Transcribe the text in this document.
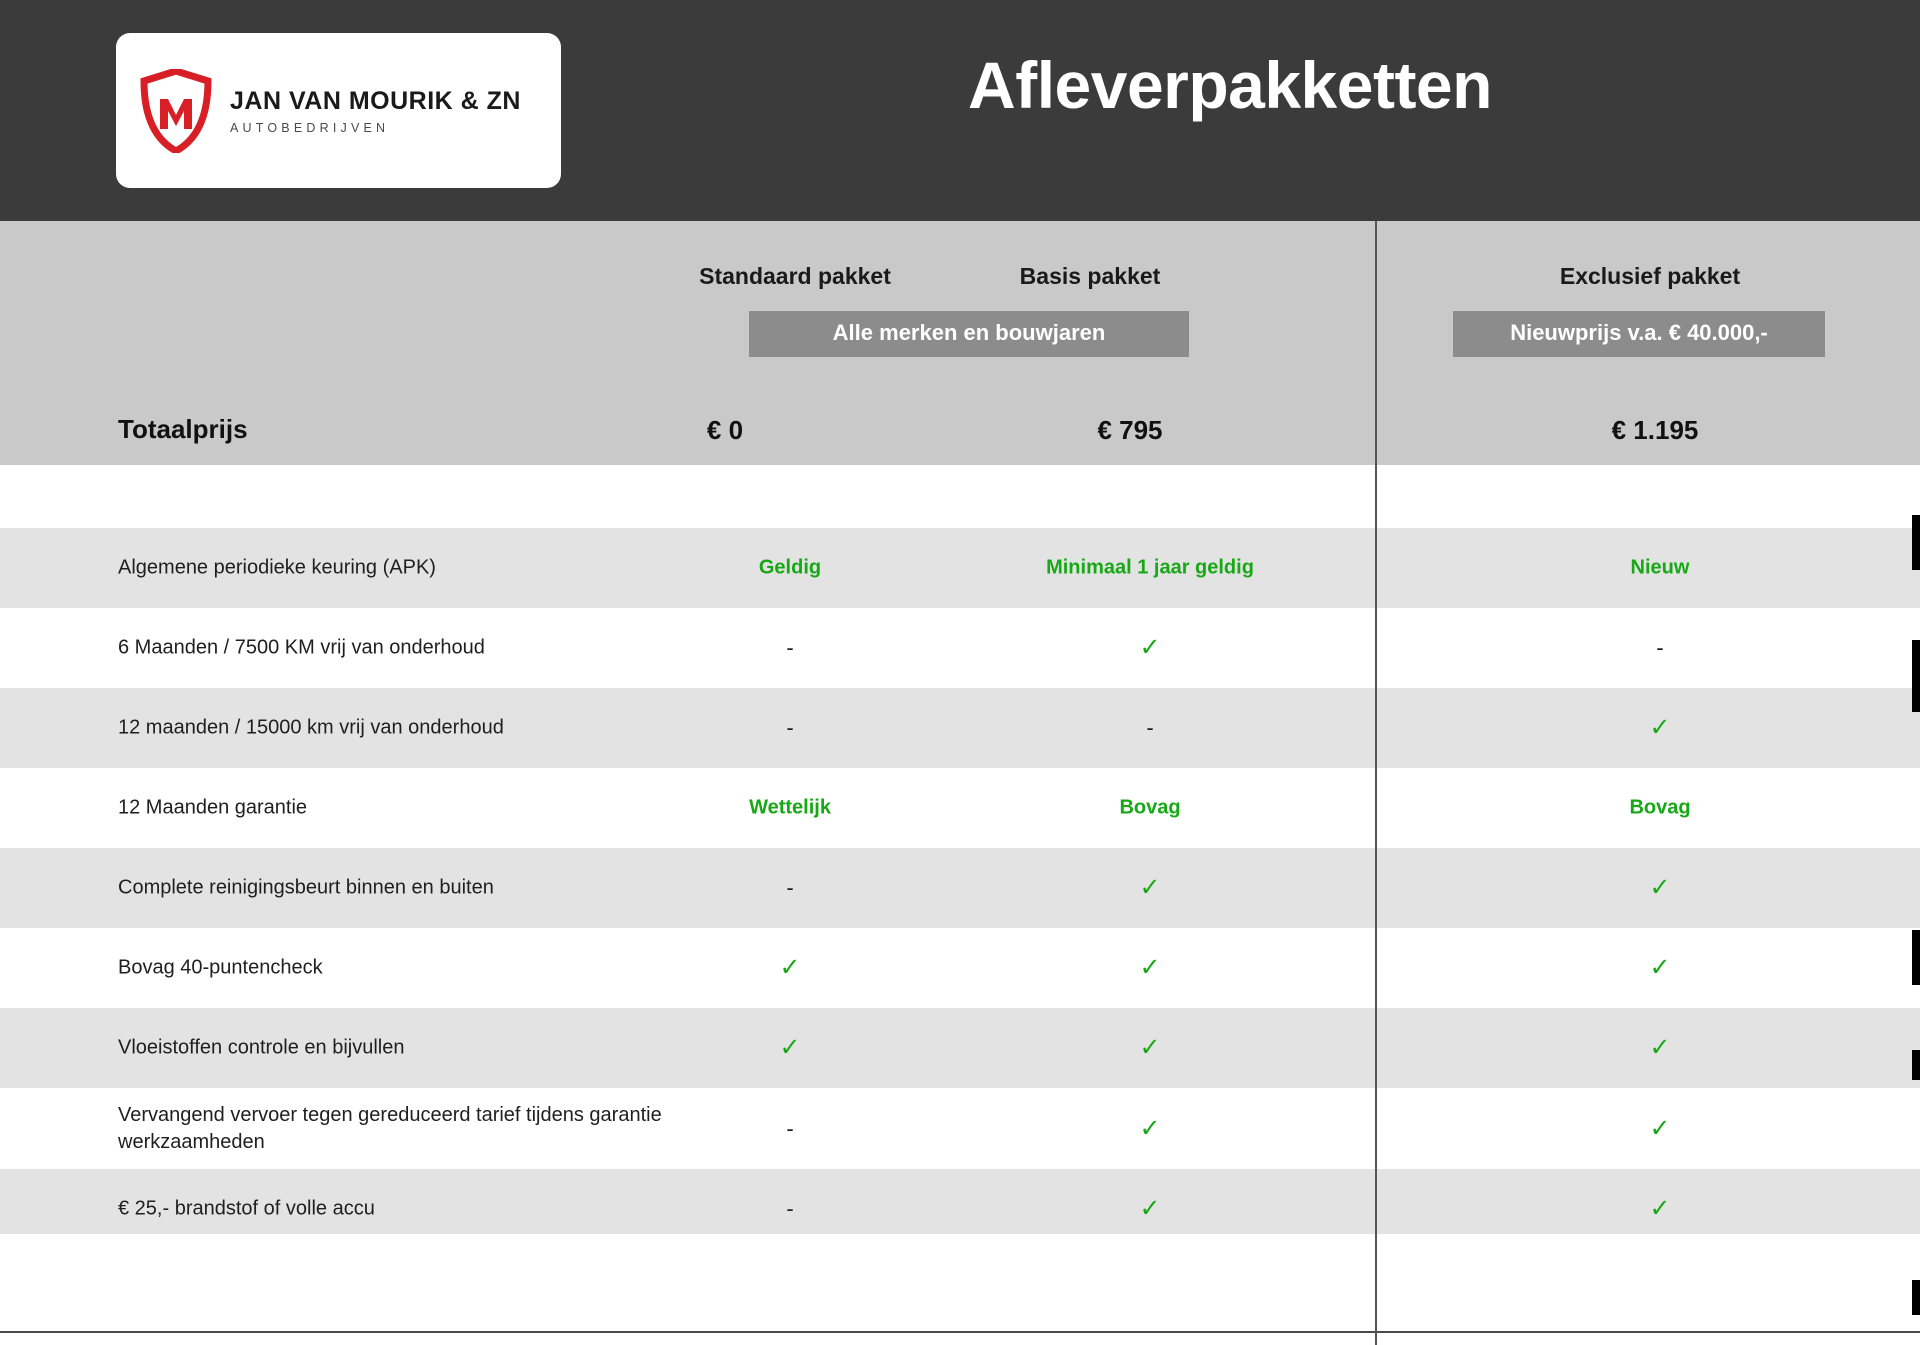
JAN VAN MOURIK & ZN
AUTOBEDRIJVEN
Afleverpakketten
Standaard pakket	Basis pakket	Exclusief pakket
Alle merken en bouwjaren	Nieuwprijs v.a. € 40.000,-
Totaalprijs	€ 0	€ 795	€ 1.195
Algemene periodieke keuring (APK)	Geldig	Minimaal 1 jaar geldig	Nieuw
6 Maanden / 7500 KM vrij van onderhoud	-	✓	-
12 maanden / 15000 km vrij van onderhoud	-	-	✓
12 Maanden garantie	Wettelijk	Bovag	Bovag
Complete reinigingsbeurt binnen en buiten	-	✓	✓
Bovag 40-puntencheck	✓	✓	✓
Vloeistoffen controle en bijvullen	✓	✓	✓
Vervangend vervoer tegen gereduceerd tarief tijdens garantie werkzaamheden
-	✓	✓
€ 25,- brandstof of volle accu	-	✓	✓
